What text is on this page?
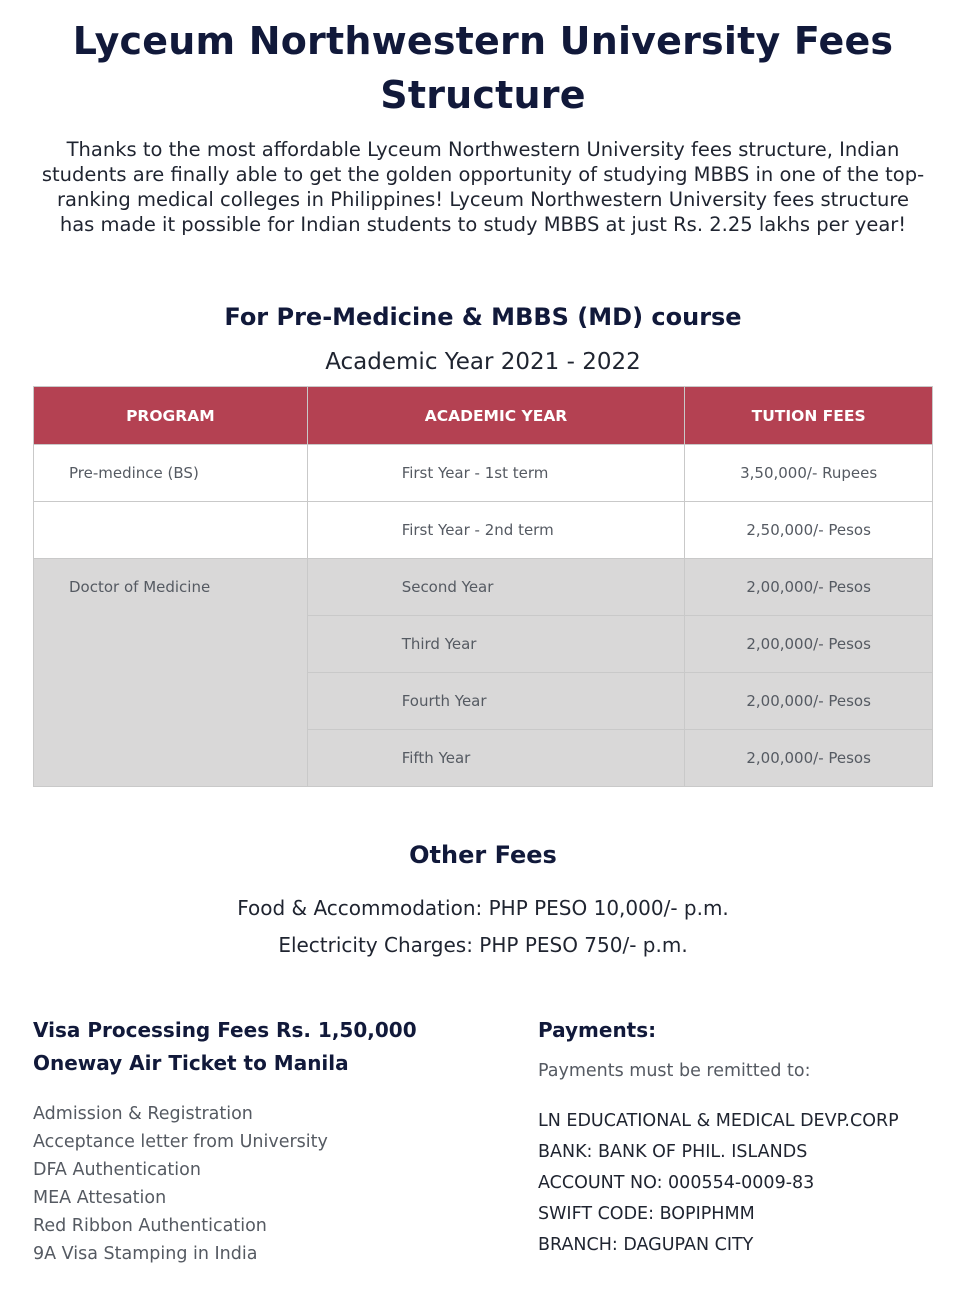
Lyceum Northwestern University Fees Structure

Thanks to the most affordable Lyceum Northwestern University fees structure, Indian students are finally able to get the golden opportunity of studying MBBS in one of the top-ranking medical colleges in Philippines! Lyceum Northwestern University fees structure has made it possible for Indian students to study MBBS at just Rs. 2.25 lakhs per year!

For Pre-Medicine & MBBS (MD) course

Academic Year 2021 - 2022

PROGRAM	ACADEMIC YEAR	TUTION FEES
Pre-medince (BS)	First Year - 1st term	3,50,000/- Rupees
	First Year - 2nd term	2,50,000/- Pesos
Doctor of Medicine	Second Year	2,00,000/- Pesos
	Third Year	2,00,000/- Pesos
	Fourth Year	2,00,000/- Pesos
	Fifth Year	2,00,000/- Pesos
Other Fees

Food & Accommodation: PHP PESO 10,000/- p.m.

Electricity Charges: PHP PESO 750/- p.m.

Visa Processing Fees Rs. 1,50,000

Oneway Air Ticket to Manila

Admission & Registration
Acceptance letter from University
DFA Authentication
MEA Attesation
Red Ribbon Authentication
9A Visa Stamping in India

Payments:

Payments must be remitted to:

LN EDUCATIONAL & MEDICAL DEVP.CORP
BANK: BANK OF PHIL. ISLANDS
ACCOUNT NO: 000554-0009-83
SWIFT CODE: BOPIPHMM
BRANCH: DAGUPAN CITY
